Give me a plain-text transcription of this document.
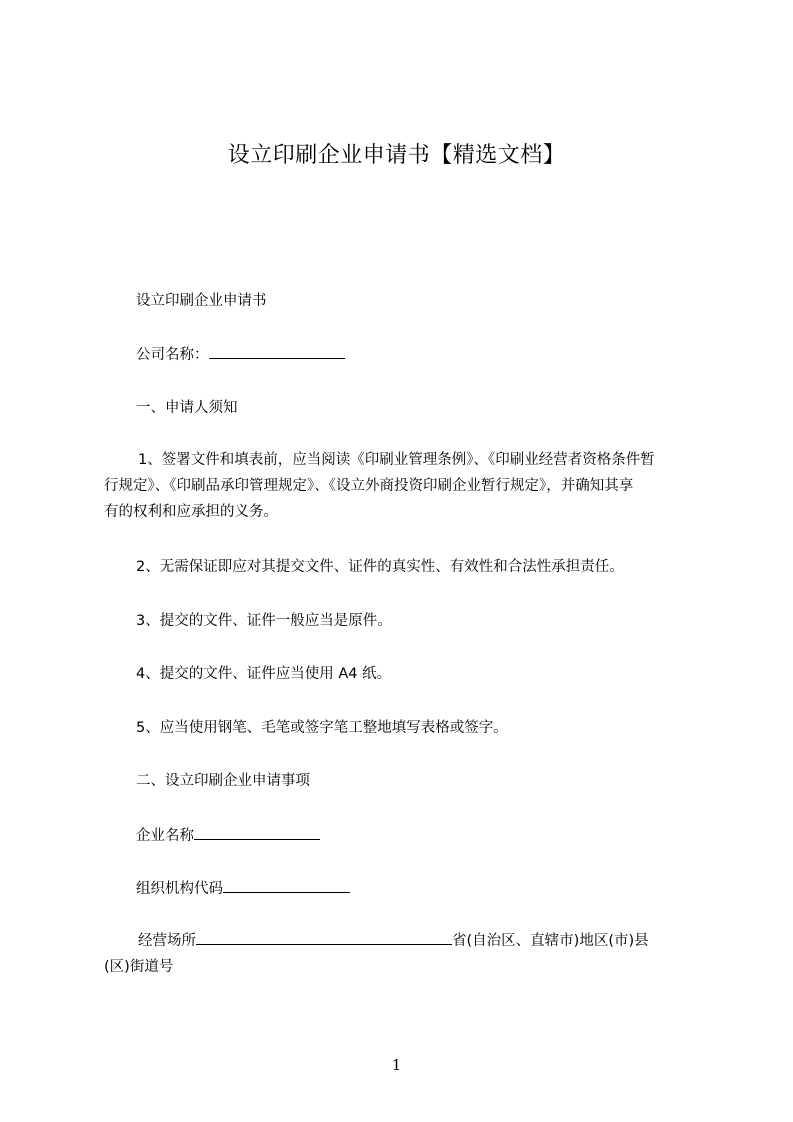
设立印刷企业申请书【精选文档】
设立印刷企业申请书
公司名称：
一、申请人须知
1、签署文件和填表前，应当阅读《印刷业管理条例》、《印刷业经营者资格条件暂
行规定》、《印刷品承印管理规定》、《设立外商投资印刷企业暂行规定》，并确知其享
有的权利和应承担的义务。
2、无需保证即应对其提交文件、证件的真实性、有效性和合法性承担责任。
3、提交的文件、证件一般应当是原件。
4、提交的文件、证件应当使用 A4 纸。
5、应当使用钢笔、毛笔或签字笔工整地填写表格或签字。
二、设立印刷企业申请事项
企业名称
组织机构代码
经营场所	省(自治区、直辖市)地区(市)县
(区)街道号
1
